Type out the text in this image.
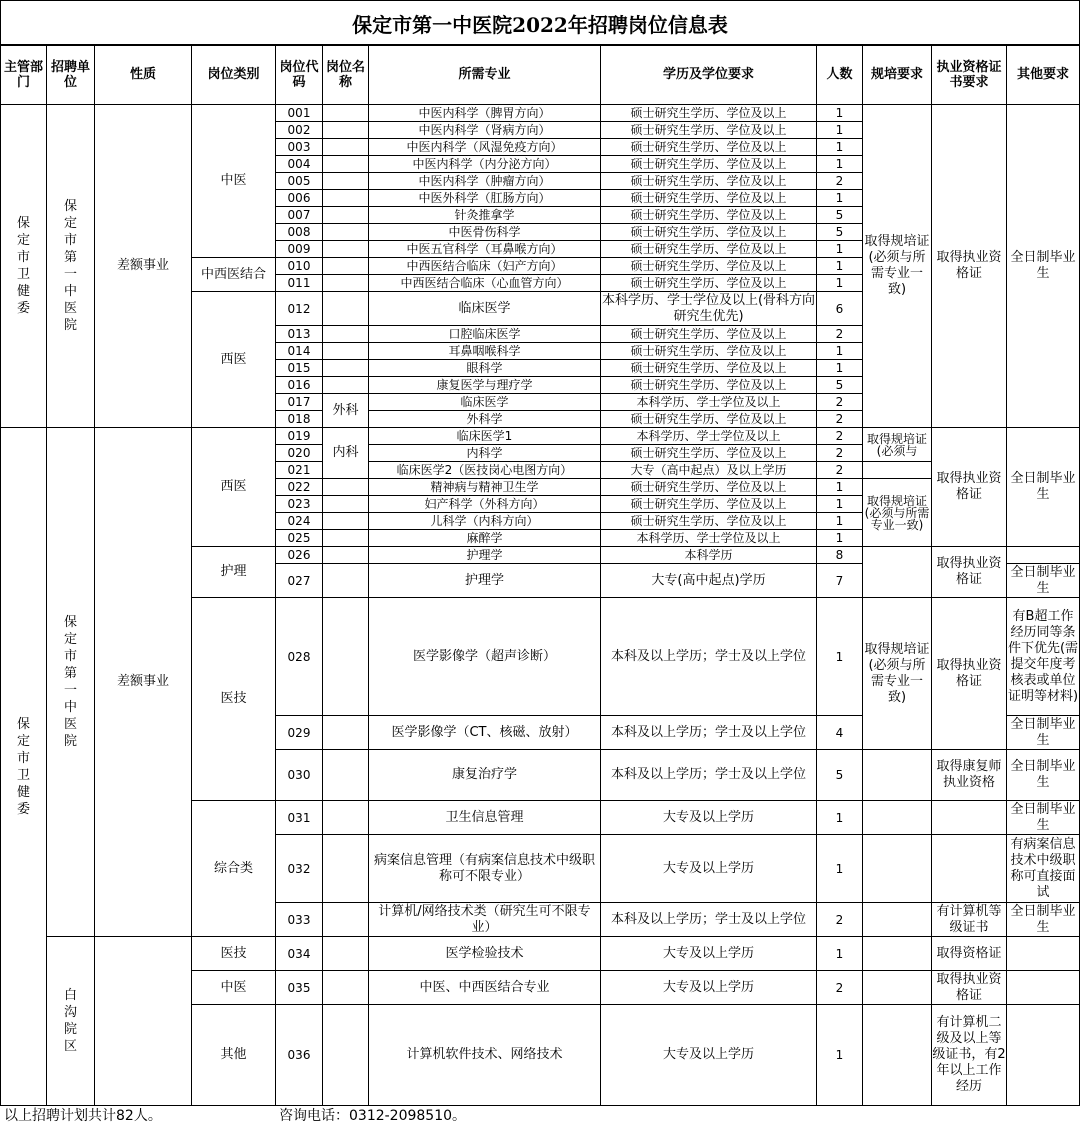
保定市第一中医院2022年招聘岗位信息表
主管部门	招聘单位	性质	岗位类别	岗位代码	岗位名称	所需专业	学历及学位要求	人数	规培要求	执业资格证书要求	其他要求
保定市卫健委	保定市第一中医院	差额事业	中医	001		中医内科学（脾胃方向）	硕士研究生学历、学位及以上	1	取得规培证(必须与所需专业一致)	取得执业资格证	全日制毕业生
				002		中医内科学（肾病方向）	硕士研究生学历、学位及以上	1			
				003		中医内科学（风湿免疫方向）	硕士研究生学历、学位及以上	1			
				004		中医内科学（内分泌方向）	硕士研究生学历、学位及以上	1			
				005		中医内科学（肿瘤方向）	硕士研究生学历、学位及以上	2			
				006		中医外科学（肛肠方向）	硕士研究生学历、学位及以上	1			
				007		针灸推拿学	硕士研究生学历、学位及以上	5			
				008		中医骨伤科学	硕士研究生学历、学位及以上	5			
				009		中医五官科学（耳鼻喉方向）	硕士研究生学历、学位及以上	1			
			中西医结合	010		中西医结合临床（妇产方向）	硕士研究生学历、学位及以上	1			
				011		中西医结合临床（心血管方向）	硕士研究生学历、学位及以上	1			
			西医	012		临床医学	本科学历、学士学位及以上(骨科方向研究生优先)	6			
				013		口腔临床医学	硕士研究生学历、学位及以上	2			
				014		耳鼻咽喉科学	硕士研究生学历、学位及以上	1			
				015		眼科学	硕士研究生学历、学位及以上	1			
				016		康复医学与理疗学	硕士研究生学历、学位及以上	5			
				017	外科	临床医学	本科学历、学士学位及以上	2			
				018		外科学	硕士研究生学历、学位及以上	2			
保定市卫健委	保定市第一中医院	差额事业	西医	019	内科	临床医学1	本科学历、学士学位及以上	2	取得规培证(必须与	取得执业资格证	全日制毕业生
				020		内科学	硕士研究生学历、学位及以上	2			
				021		临床医学2（医技岗心电图方向）	大专（高中起点）及以上学历	2			
				022		精神病与精神卫生学	硕士研究生学历、学位及以上	1	取得规培证(必须与所需专业一致)		
				023		妇产科学（外科方向）	硕士研究生学历、学位及以上	1			
				024		儿科学（内科方向）	硕士研究生学历、学位及以上	1			
				025		麻醉学	本科学历、学士学位及以上	1			
			护理	026		护理学	本科学历	8		取得执业资格证	
				027		护理学	大专(高中起点)学历	7			全日制毕业生
			医技	028		医学影像学（超声诊断）	本科及以上学历；学士及以上学位	1	取得规培证(必须与所需专业一致)	取得执业资格证	有B超工作经历同等条件下优先(需提交年度考核表或单位证明等材料)
				029		医学影像学（CT、核磁、放射）	本科及以上学历；学士及以上学位	4			全日制毕业生
				030		康复治疗学	本科及以上学历；学士及以上学位	5		取得康复师执业资格	全日制毕业生
			综合类	031		卫生信息管理	大专及以上学历	1			全日制毕业生
				032		病案信息管理（有病案信息技术中级职称可不限专业）	大专及以上学历	1			有病案信息技术中级职称可直接面试
				033		计算机/网络技术类（研究生可不限专业）	本科及以上学历；学士及以上学位	2		有计算机等级证书	全日制毕业生
	白沟院区		医技	034		医学检验技术	大专及以上学历	1		取得资格证	
			中医	035		中医、中西医结合专业	大专及以上学历	2		取得执业资格证	
			其他	036		计算机软件技术、网络技术	大专及以上学历	1		有计算机二级及以上等级证书，有2年以上工作经历	
以上招聘计划共计82人。	咨询电话：0312-2098510。
